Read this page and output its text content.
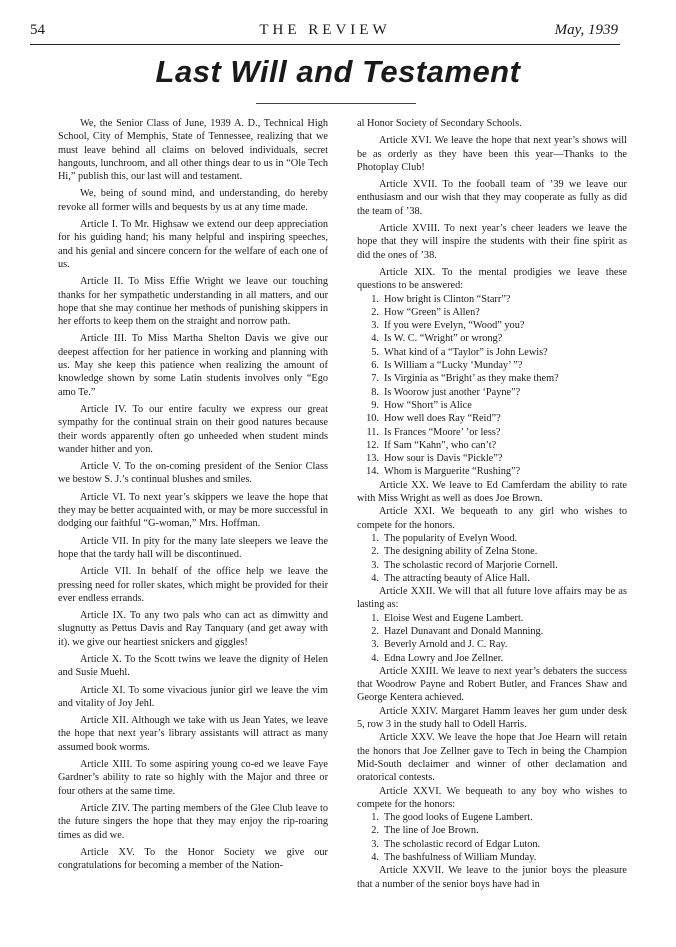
54	THE REVIEW	May, 1939
Last Will and Testament

We, the Senior Class of June, 1939 A. D., Technical High School, City of Memphis, State of Tennessee, realizing that we must leave behind all claims on beloved individuals, secret hangouts, lunchroom, and all other things dear to us in “Ole Tech Hi,” publish this, our last will and testament.

We, being of sound mind, and understanding, do hereby revoke all former wills and bequests by us at any time made.

Article I. To Mr. Highsaw we extend our deep appreciation for his guiding hand; his many helpful and inspiring speeches, and his genial and sincere concern for the welfare of each one of us.

Article II. To Miss Effie Wright we leave our touching thanks for her sympathetic understanding in all matters, and our hope that she may continue her methods of punishing skippers in her efforts to keep them on the straight and norrow path.

Article III. To Miss Martha Shelton Davis we give our deepest affection for her patience in working and planning with us. May she keep this patience when realizing the amount of knowledge shown by some Latin students involves only “Ego amo Te.”

Article IV. To our entire faculty we express our great sympathy for the continual strain on their good natures because their words apparently often go unheeded when student minds wander hither and yon.

Article V. To the on-coming president of the Senior Class we bestow S. J.’s continual blushes and smiles.

Article VI. To next year’s skippers we leave the hope that they may be better acquainted with, or may be more successful in dodging our faithful “G-woman,” Mrs. Hoffman.

Article VII. In pity for the many late sleepers we leave the hope that the tardy hall will be discontinued.

Article VII. In behalf of the office help we leave the pressing need for roller skates, which might be provided for their ever endless errands.

Article IX. To any two pals who can act as dimwitty and slugnutty as Pettus Davis and Ray Tanquary (and get away with it). we give our heartiest snickers and giggles!

Article X. To the Scott twins we leave the dignity of Helen and Susie Muehl.

Article XI. To some vivacious junior girl we leave the vim and vitality of Joy Jehl.

Article XII. Although we take with us Jean Yates, we leave the hope that next year’s library assistants will attract as many assumed book worms.

Article XIII. To some aspiring young co-ed we leave Faye Gardner’s ability to rate so highly with the Major and three or four others at the same time.

Article ZIV. The parting members of the Glee Club leave to the future singers the hope that they may enjoy the rip-roaring times as did we.

Article XV. To the Honor Society we give our congratulations for becoming a member of the Nation-

al Honor Society of Secondary Schools.

Article XVI. We leave the hope that next year’s shows will be as orderly as they have been this year—Thanks to the Photoplay Club!

Article XVII. To the fooball team of ’39 we leave our enthusiasm and our wish that they may cooperate as fully as did the team of ’38.

Article XVIII. To next year’s cheer leaders we leave the hope that they will inspire the students with their fine spirit as did the ones of ’38.

Article XIX. To the mental prodigies we leave these questions to be answered:

1. How bright is Clinton “Starr”?
2. How “Green” is Allen?
3. If you were Evelyn, “Wood” you?
4. Is W. C. “Wright” or wrong?
5. What kind of a “Taylor” is John Lewis?
6. Is William a “Lucky ‘Munday’ ”?
7. Is Virginia as “Bright’ as they make them?
8. Is Woorow just another ‘Payne”?
9. How “Short” is Alice
10. How well does Ray “Reid”?
11. Is Frances “Moore’ ’or less?
12. If Sam “Kahn”, who can’t?
13. How sour is Davis “Pickle”?
14. Whom is Marguerite “Rushing”?

Article XX. We leave to Ed Camferdam the ability to rate with Miss Wright as well as does Joe Brown.

Article XXI. We bequeath to any girl who wishes to compete for the honors.

1. The popularity of Evelyn Wood.
2. The designing ability of Zelna Stone.
3. The scholastic record of Marjorie Cornell.
4. The attracting beauty of Alice Hall.

Article XXII. We will that all future love affairs may be as lasting as:

1. Eloise West and Eugene Lambert.
2. Hazel Dunavant and Donald Manning.
3. Beverly Arnold and J. C. Ray.
4. Edna Lowry and Joe Zellner.

Article XXIII. We leave to next year’s debaters the success that Woodrow Payne and Robert Butler, and Frances Shaw and George Kentera achieved.

Article XXIV. Margaret Hamm leaves her gum under desk 5, row 3 in the study hall to Odell Harris.

Article XXV. We leave the hope that Joe Hearn will retain the honors that Joe Zellner gave to Tech in being the Champion Mid-South declaimer and winner of other declamation and oratorical contests.

Article XXVI. We bequeath to any boy who wishes to compete for the honors:

1. The good looks of Eugene Lambert.
2. The line of Joe Brown.
3. The scholastic record of Edgar Luton.
4. The bashfulness of William Munday.

Article XXVII. We leave to the junior boys the pleasure that a number of the senior boys have had in
